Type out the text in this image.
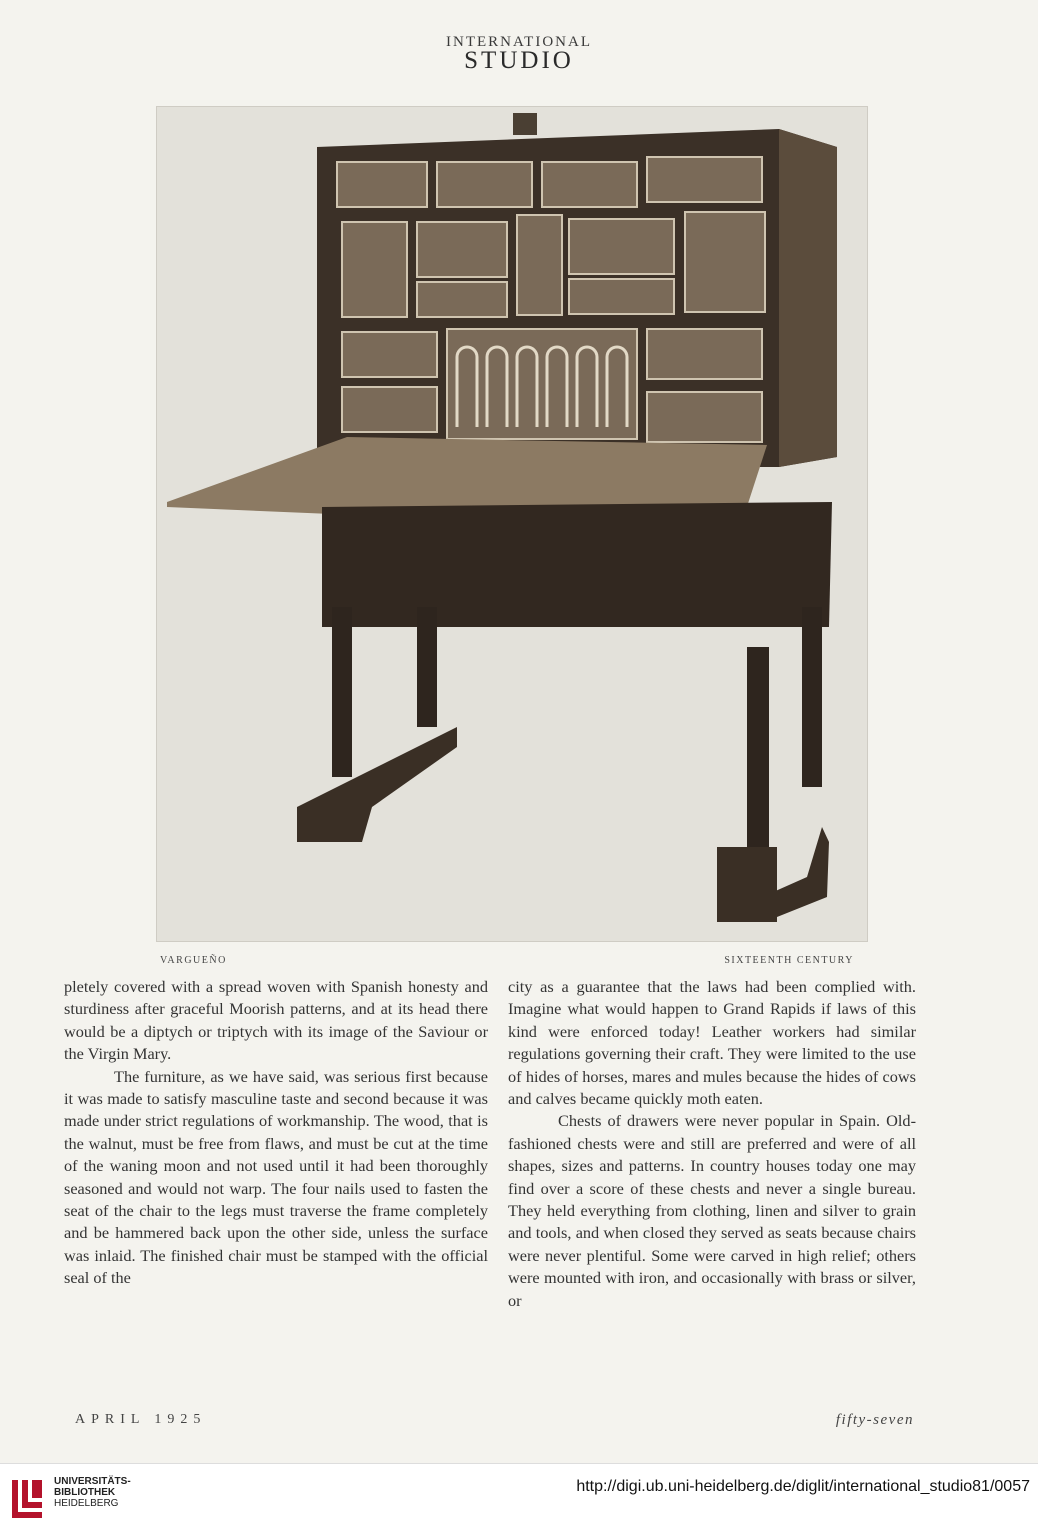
INTERNATIONAL
STUDIO
VARGUEÑO	SIXTEENTH CENTURY

pletely covered with a spread woven with Spanish honesty and sturdiness after graceful Moorish patterns, and at its head there would be a diptych or triptych with its image of the Saviour or the Virgin Mary.

The furniture, as we have said, was serious first because it was made to satisfy masculine taste and second because it was made under strict regulations of workmanship. The wood, that is the walnut, must be free from flaws, and must be cut at the time of the waning moon and not used until it had been thoroughly seasoned and would not warp. The four nails used to fasten the seat of the chair to the legs must traverse the frame completely and be hammered back upon the other side, unless the surface was inlaid. The finished chair must be stamped with the official seal of the

city as a guarantee that the laws had been complied with. Imagine what would happen to Grand Rapids if laws of this kind were enforced today! Leather workers had similar regulations governing their craft. They were limited to the use of hides of horses, mares and mules because the hides of cows and calves became quickly moth eaten.

Chests of drawers were never popular in Spain. Old-fashioned chests were and still are preferred and were of all shapes, sizes and patterns. In country houses today one may find over a score of these chests and never a single bureau. They held everything from clothing, linen and silver to grain and tools, and when closed they served as seats because chairs were never plentiful. Some were carved in high relief; others were mounted with iron, and occasionally with brass or silver, or

APRIL 1925	fifty-seven
UNIVERSITÄTS-
BIBLIOTHEK
HEIDELBERG
http://digi.ub.uni-heidelberg.de/diglit/international_studio81/0057
